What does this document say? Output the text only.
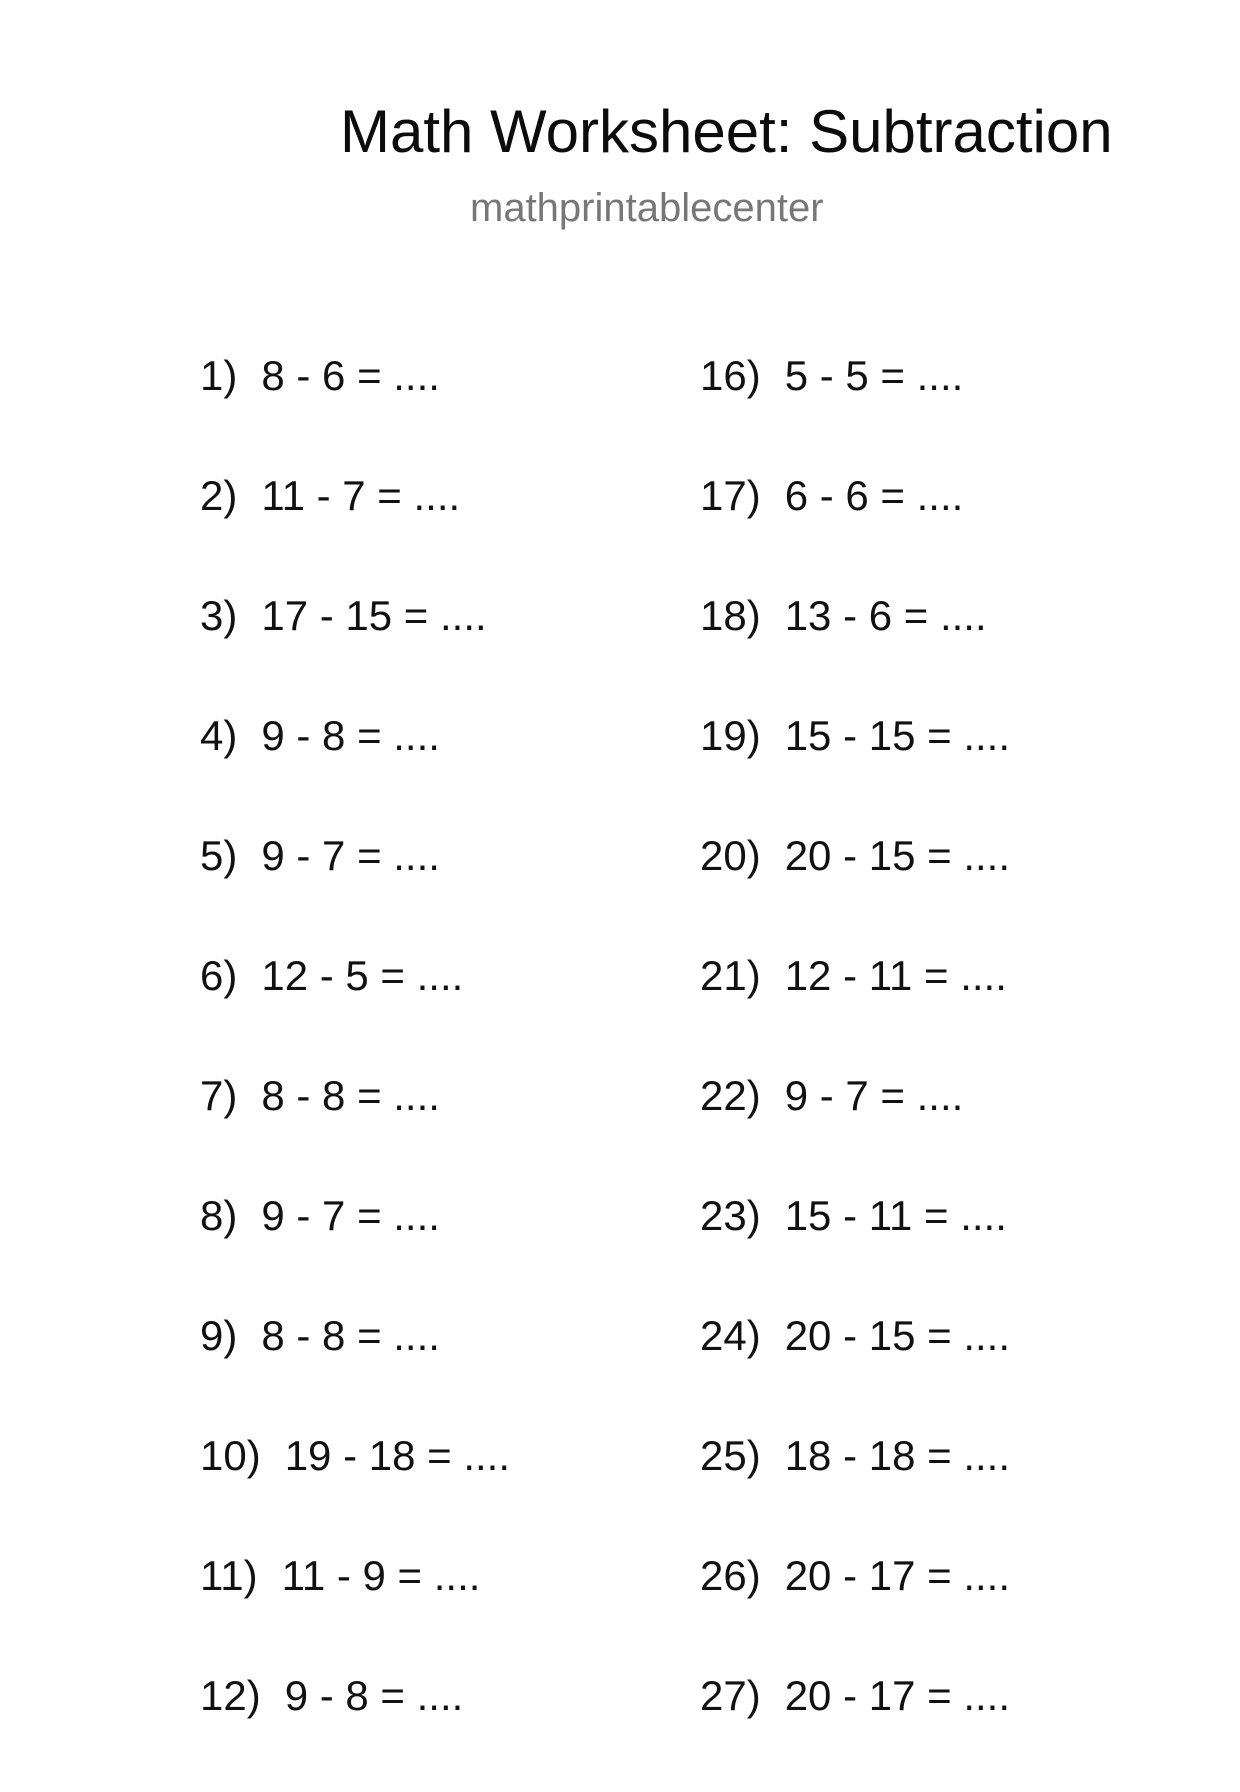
Math Worksheet: Subtraction
mathprintablecenter
1) 8 - 6 = ....
2) 11 - 7 = ....
3) 17 - 15 = ....
4) 9 - 8 = ....
5) 9 - 7 = ....
6) 12 - 5 = ....
7) 8 - 8 = ....
8) 9 - 7 = ....
9) 8 - 8 = ....
10) 19 - 18 = ....
11) 11 - 9 = ....
12) 9 - 8 = ....
16) 5 - 5 = ....
17) 6 - 6 = ....
18) 13 - 6 = ....
19) 15 - 15 = ....
20) 20 - 15 = ....
21) 12 - 11 = ....
22) 9 - 7 = ....
23) 15 - 11 = ....
24) 20 - 15 = ....
25) 18 - 18 = ....
26) 20 - 17 = ....
27) 20 - 17 = ....
